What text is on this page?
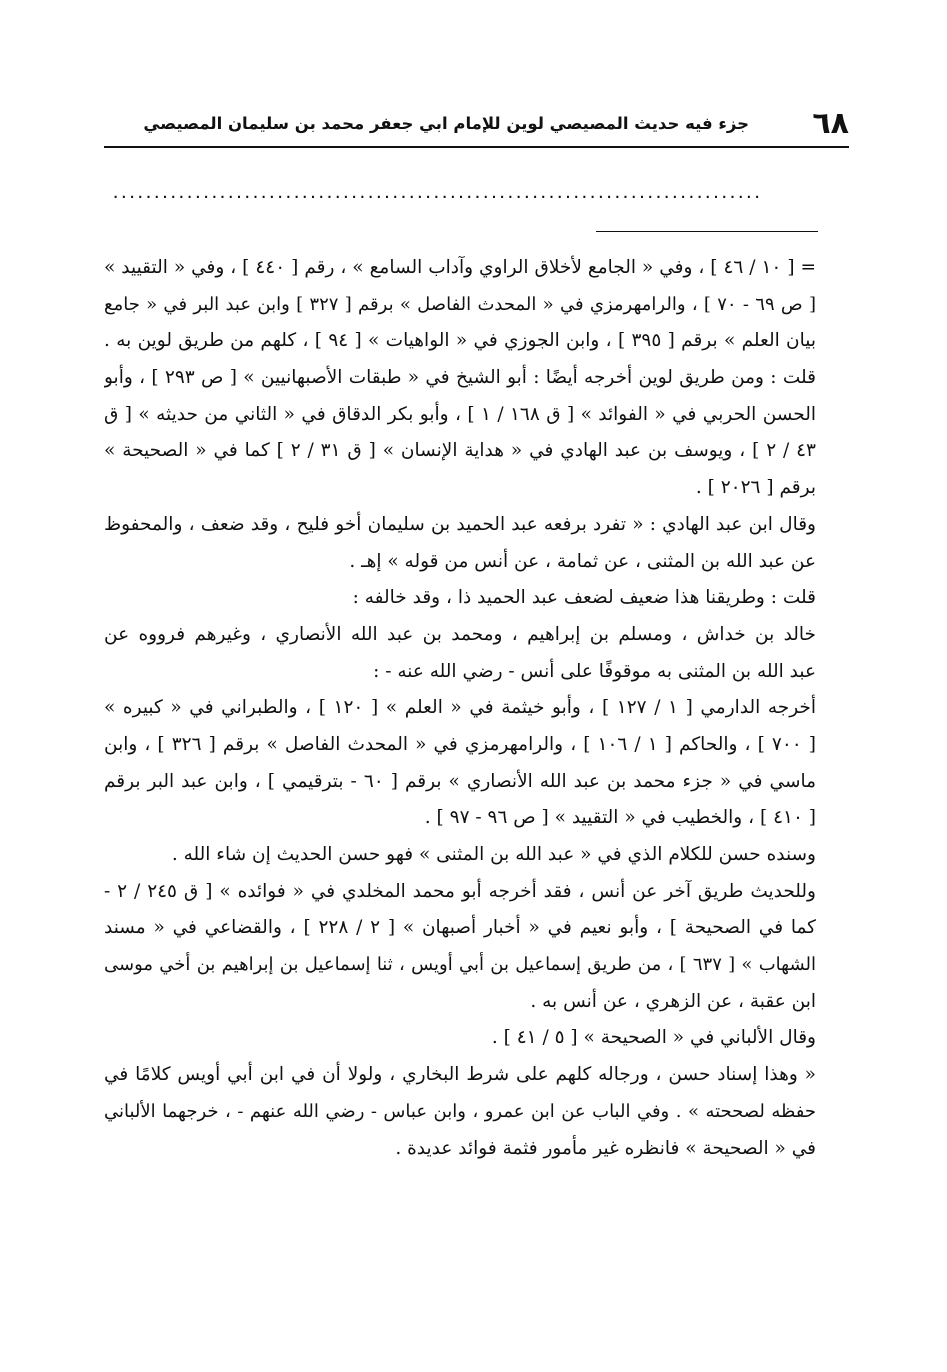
٦٨
جزء فيه حديث المصيصي لوين للإمام ابي جعفر محمد بن سليمان المصيصي
...............................................................................
= [ ١٠ / ٤٦ ] ، وفي « الجامع لأخلاق الراوي وآداب السامع » ، رقم [ ٤٤٠ ] ، وفي « التقييد »
[ ص ٦٩ - ٧٠ ] ، والرامهرمزي في « المحدث الفاصل » برقم [ ٣٢٧ ] وابن عبد البر في « جامع
بيان العلم » برقم [ ٣٩٥ ] ، وابن الجوزي في « الواهيات » [ ٩٤ ] ، كلهم من طريق لوين به .
قلت : ومن طريق لوين أخرجه أيضًا : أبو الشيخ في « طبقات الأصبهانيين » [ ص ٢٩٣ ] ، وأبو
الحسن الحربي في « الفوائد » [ ق ١٦٨ / ١ ] ، وأبو بكر الدقاق في « الثاني من حديثه » [ ق
٤٣ / ٢ ] ، ويوسف بن عبد الهادي في « هداية الإنسان » [ ق ٣١ / ٢ ] كما في « الصحيحة »
برقم [ ٢٠٢٦ ] .
وقال ابن عبد الهادي : « تفرد برفعه عبد الحميد بن سليمان أخو فليح ، وقد ضعف ، والمحفوظ
عن عبد الله بن المثنى ، عن ثمامة ، عن أنس من قوله » إهـ .
قلت : وطريقنا هذا ضعيف لضعف عبد الحميد ذا ، وقد خالفه :
خالد بن خداش ، ومسلم بن إبراهيم ، ومحمد بن عبد الله الأنصاري ، وغيرهم فرووه عن
عبد الله بن المثنى به موقوفًا على أنس - رضي الله عنه - :
أخرجه الدارمي [ ١ / ١٢٧ ] ، وأبو خيثمة في « العلم » [ ١٢٠ ] ، والطبراني في « كبيره »
[ ٧٠٠ ] ، والحاكم [ ١ / ١٠٦ ] ، والرامهرمزي في « المحدث الفاصل » برقم [ ٣٢٦ ] ، وابن
ماسي في « جزء محمد بن عبد الله الأنصاري » برقم [ ٦٠ - بترقيمي ] ، وابن عبد البر برقم
[ ٤١٠ ] ، والخطيب في « التقييد » [ ص ٩٦ - ٩٧ ] .
وسنده حسن للكلام الذي في « عبد الله بن المثنى » فهو حسن الحديث إن شاء الله .
وللحديث طريق آخر عن أنس ، فقد أخرجه أبو محمد المخلدي في « فوائده » [ ق ٢٤٥ / ٢ -
كما في الصحيحة ] ، وأبو نعيم في « أخبار أصبهان » [ ٢ / ٢٢٨ ] ، والقضاعي في « مسند
الشهاب » [ ٦٣٧ ] ، من طريق إسماعيل بن أبي أويس ، ثنا إسماعيل بن إبراهيم بن أخي موسى
ابن عقبة ، عن الزهري ، عن أنس به .
وقال الألباني في « الصحيحة » [ ٥ / ٤١ ] .
« وهذا إسناد حسن ، ورجاله كلهم على شرط البخاري ، ولولا أن في ابن أبي أويس كلامًا في
حفظه لصححته » . وفي الباب عن ابن عمرو ، وابن عباس - رضي الله عنهم - ، خرجهما الألباني
في « الصحيحة » فانظره غير مأمور فثمة فوائد عديدة .
